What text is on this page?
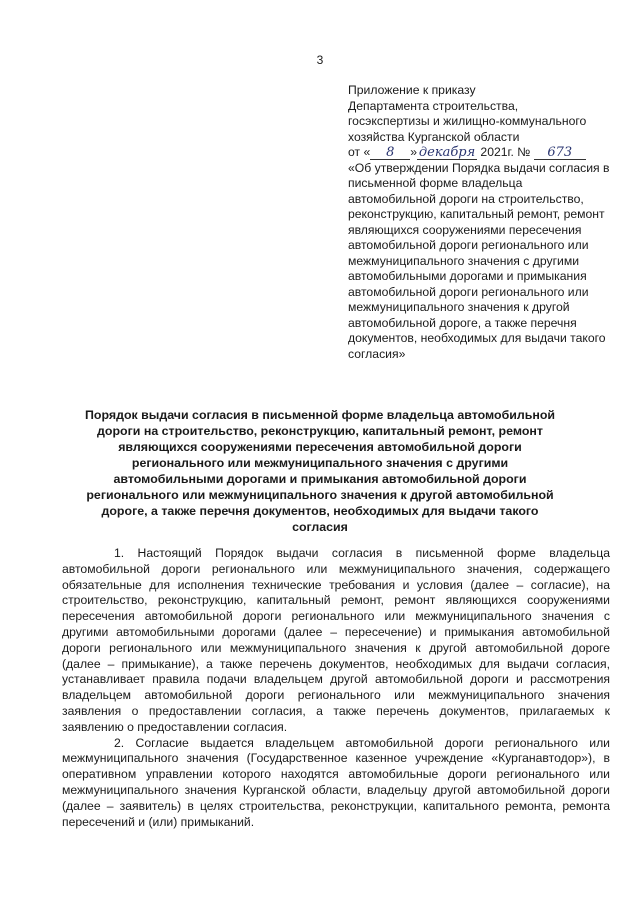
3

Приложение к приказу

Департамента строительства,

госэкспертизы и жилищно-коммунального

хозяйства Курганской области

от « 8 » декабря 2021г. № 673

«Об утверждении Порядка выдачи согласия в письменной форме владельца автомобильной дороги на строительство, реконструкцию, капитальный ремонт, ремонт являющихся сооружениями пересечения автомобильной дороги регионального или межмуниципального значения с другими автомобильными дорогами и примыкания автомобильной дороги регионального или межмуниципального значения к другой автомобильной дороге, а также перечня документов, необходимых для выдачи такого согласия»

Порядок выдачи согласия в письменной форме владельца автомобильной дороги на строительство, реконструкцию, капитальный ремонт, ремонт являющихся сооружениями пересечения автомобильной дороги регионального или межмуниципального значения с другими автомобильными дорогами и примыкания автомобильной дороги регионального или межмуниципального значения к другой автомобильной дороге, а также перечня документов, необходимых для выдачи такого согласия

1. Настоящий Порядок выдачи согласия в письменной форме владельца автомобильной дороги регионального или межмуниципального значения, содержащего обязательные для исполнения технические требования и условия (далее – согласие), на строительство, реконструкцию, капитальный ремонт, ремонт являющихся сооружениями пересечения автомобильной дороги регионального или межмуниципального значения с другими автомобильными дорогами (далее – пересечение) и примыкания автомобильной дороги регионального или межмуниципального значения к другой автомобильной дороге (далее – примыкание), а также перечень документов, необходимых для выдачи согласия, устанавливает правила подачи владельцем другой автомобильной дороги и рассмотрения владельцем автомобильной дороги регионального или межмуниципального значения заявления о предоставлении согласия, а также перечень документов, прилагаемых к заявлению о предоставлении согласия.

2. Согласие выдается владельцем автомобильной дороги регионального или межмуниципального значения (Государственное казенное учреждение «Курганавтодор»), в оперативном управлении которого находятся автомобильные дороги регионального или межмуниципального значения Курганской области, владельцу другой автомобильной дороги (далее – заявитель) в целях строительства, реконструкции, капитального ремонта, ремонта пересечений и (или) примыканий.
